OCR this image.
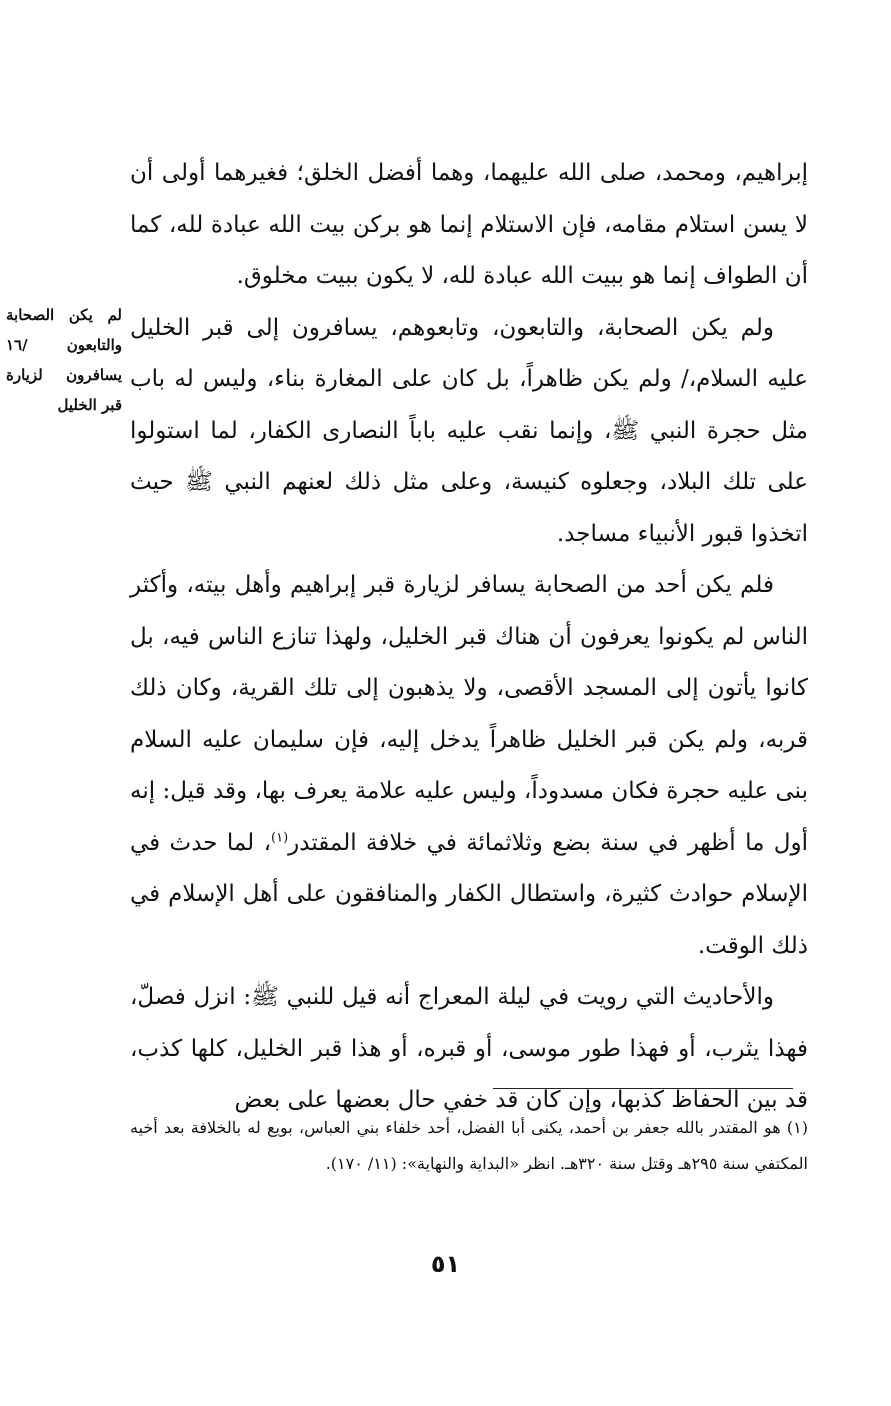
لم يكن الصحابة والتابعون /١٦ يسافرون لزيارة قبر الخليل

إبراهيم، ومحمد، صلى الله عليهما، وهما أفضل الخلق؛ فغيرهما أولى أن لا يسن استلام مقامه، فإن الاستلام إنما هو بركن بيت الله عبادة لله، كما أن الطواف إنما هو ببيت الله عبادة لله، لا يكون ببيت مخلوق.

ولم يكن الصحابة، والتابعون، وتابعوهم، يسافرون إلى قبر الخليل عليه السلام،/ ولم يكن ظاهراً، بل كان على المغارة بناء، وليس له باب مثل حجرة النبي ﷺ، وإنما نقب عليه باباً النصارى الكفار، لما استولوا على تلك البلاد، وجعلوه كنيسة، وعلى مثل ذلك لعنهم النبي ﷺ حيث اتخذوا قبور الأنبياء مساجد.

فلم يكن أحد من الصحابة يسافر لزيارة قبر إبراهيم وأهل بيته، وأكثر الناس لم يكونوا يعرفون أن هناك قبر الخليل، ولهذا تنازع الناس فيه، بل كانوا يأتون إلى المسجد الأقصى، ولا يذهبون إلى تلك القرية، وكان ذلك قربه، ولم يكن قبر الخليل ظاهراً يدخل إليه، فإن سليمان عليه السلام بنى عليه حجرة فكان مسدوداً، وليس عليه علامة يعرف بها، وقد قيل: إنه أول ما أظهر في سنة بضع وثلاثمائة في خلافة المقتدر$^{(١)}$، لما حدث في الإسلام حوادث كثيرة، واستطال الكفار والمنافقون على أهل الإسلام في ذلك الوقت.

والأحاديث التي رويت في ليلة المعراج أنه قيل للنبي ﷺ: انزل فصلّ، فهذا يثرب، أو فهذا طور موسى، أو قبره، أو هذا قبر الخليل، كلها كذب، قد بين الحفاظ كذبها، وإن كان قد خفي حال بعضها على بعض

(١) هو المقتدر بالله جعفر بن أحمد، يكنى أبا الفضل، أحد خلفاء بني العباس، بويع له بالخلافة بعد أخيه المكتفي سنة ٢٩٥هـ وقتل سنة ٣٢٠هـ. انظر «البداية والنهاية»: (١١/ ١٧٠).

٥١
